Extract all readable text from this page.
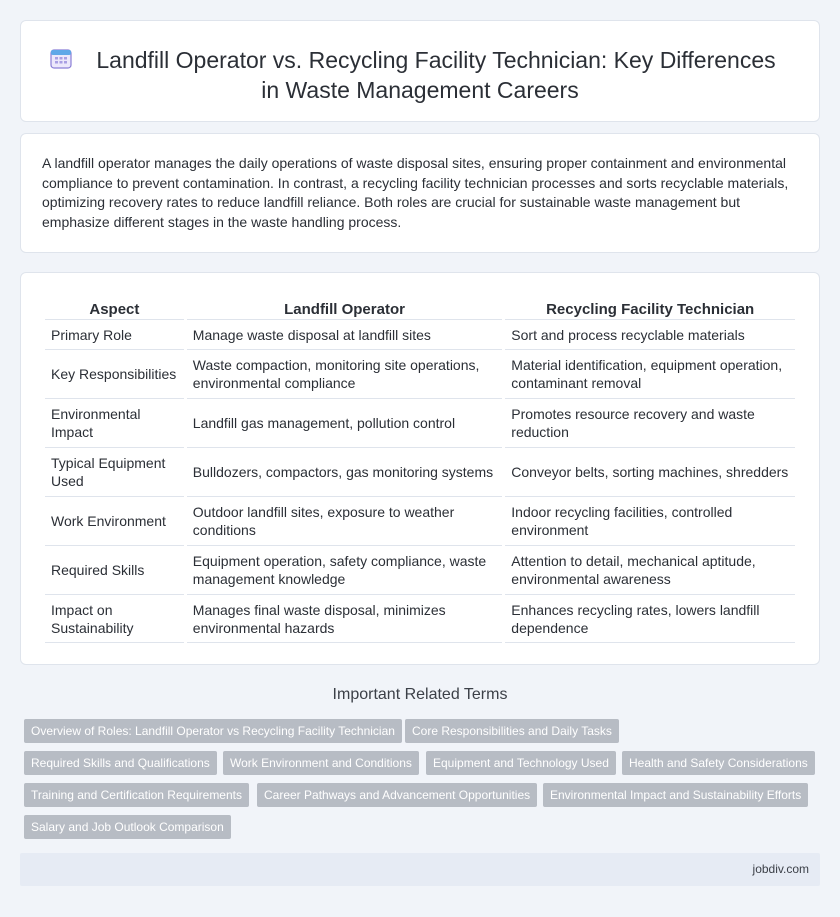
Landfill Operator vs. Recycling Facility Technician: Key Differences
in Waste Management Careers

A landfill operator manages the daily operations of waste disposal sites, ensuring proper containment and environmental compliance to prevent contamination. In contrast, a recycling facility technician processes and sorts recyclable materials, optimizing recovery rates to reduce landfill reliance. Both roles are crucial for sustainable waste management but emphasize different stages in the waste handling process.

Aspect	Landfill Operator	Recycling Facility Technician
Primary Role	Manage waste disposal at landfill sites	Sort and process recyclable materials
Key Responsibilities	Waste compaction, monitoring site operations, environmental compliance	Material identification, equipment operation, contaminant removal
Environmental Impact	Landfill gas management, pollution control	Promotes resource recovery and waste reduction
Typical Equipment Used	Bulldozers, compactors, gas monitoring systems	Conveyor belts, sorting machines, shredders
Work Environment	Outdoor landfill sites, exposure to weather conditions	Indoor recycling facilities, controlled environment
Required Skills	Equipment operation, safety compliance, waste management knowledge	Attention to detail, mechanical aptitude, environmental awareness
Impact on Sustainability	Manages final waste disposal, minimizes environmental hazards	Enhances recycling rates, lowers landfill dependence
Important Related Terms
Overview of Roles: Landfill Operator vs Recycling Facility Technician	Core Responsibilities and Daily Tasks
Required Skills and Qualifications	Work Environment and Conditions	Equipment and Technology Used	Health and Safety Considerations
Training and Certification Requirements	Career Pathways and Advancement Opportunities	Environmental Impact and Sustainability Efforts
Salary and Job Outlook Comparison
jobdiv.com
